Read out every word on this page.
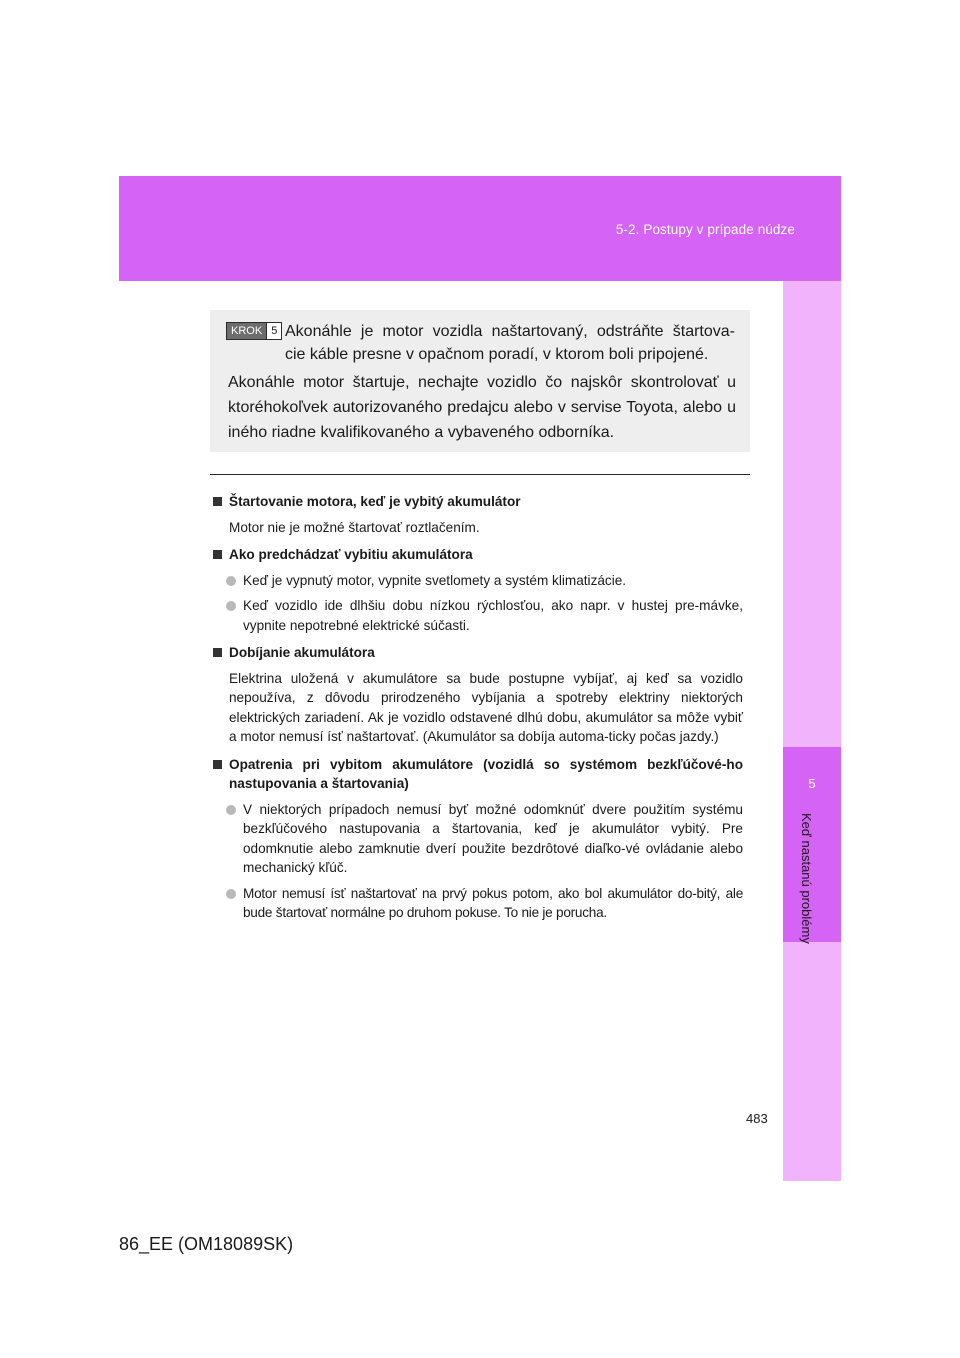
5-2. Postupy v prípade núdze
5
Keď nastanú problémy
KROK 5 Akonáhle je motor vozidla naštartovaný, odstráňte štartova-
cie káble presne v opačnom poradí, v ktorom boli pripojené.
Akonáhle motor štartuje, nechajte vozidlo čo najskôr skontrolovať u ktoréhokoľvek autorizovaného predajcu alebo v servise Toyota, alebo u iného riadne kvalifikovaného a vybaveného odborníka.
Štartovanie motora, keď je vybitý akumulátor
Motor nie je možné štartovať roztlačením.
Ako predchádzať vybitiu akumulátora
Keď je vypnutý motor, vypnite svetlomety a systém klimatizácie.
Keď vozidlo ide dlhšiu dobu nízkou rýchlosťou, ako napr. v hustej pre-mávke, vypnite nepotrebné elektrické súčasti.
Dobíjanie akumulátora
Elektrina uložená v akumulátore sa bude postupne vybíjať, aj keď sa vozidlo nepoužíva, z dôvodu prirodzeného vybíjania a spotreby elektriny niektorých elektrických zariadení. Ak je vozidlo odstavené dlhú dobu, akumulátor sa môže vybiť a motor nemusí ísť naštartovať. (Akumulátor sa dobíja automa-ticky počas jazdy.)
Opatrenia pri vybitom akumulátore (vozidlá so systémom bezkľúčové-ho nastupovania a štartovania)
V niektorých prípadoch nemusí byť možné odomknúť dvere použitím systému bezkľúčového nastupovania a štartovania, keď je akumulátor vybitý. Pre odomknutie alebo zamknutie dverí použite bezdrôtové diaľko-vé ovládanie alebo mechanický kľúč.
Motor nemusí ísť naštartovať na prvý pokus potom, ako bol akumulátor do-bitý, ale bude štartovať normálne po druhom pokuse. To nie je porucha.
483
86_EE (OM18089SK)
